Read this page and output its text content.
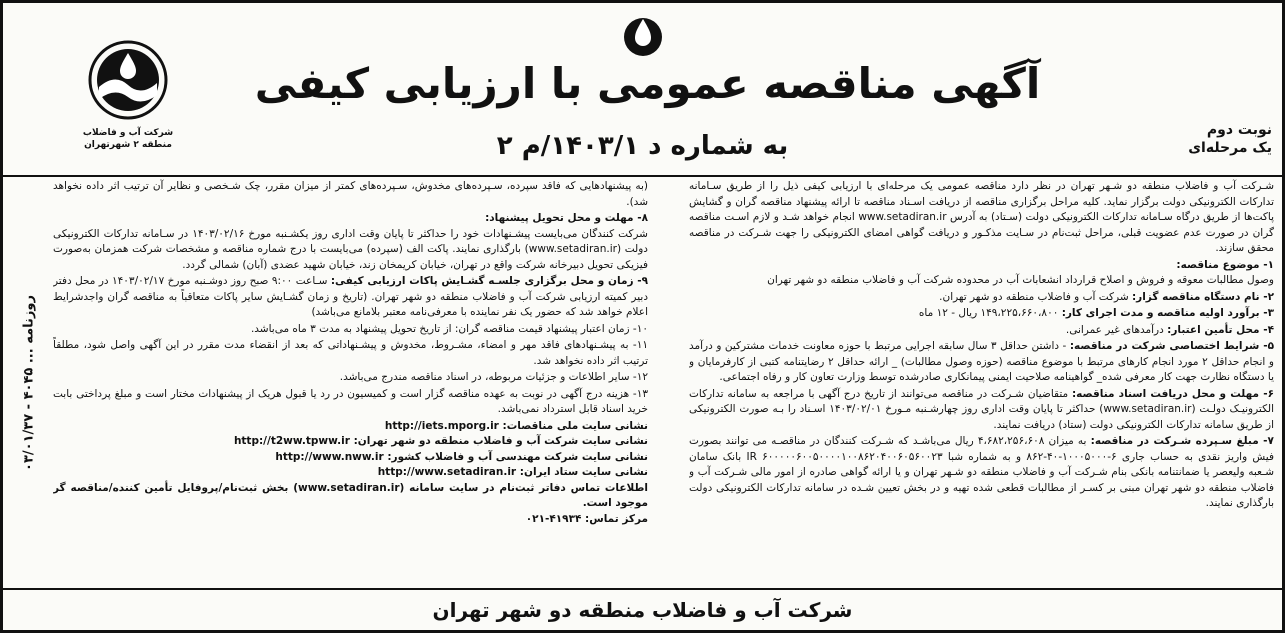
آگهی مناقصه عمومی با ارزیابی کیفی
به شماره د ۱۴۰۳/۱/م ۲
شرکت آب و فاضلاب
منطقه ۲ شهرتهران
نوبت دوم
یک مرحله‌ای
روزنامه ... ۴۰۴۵ - ۰۳/۰۱/۳۷

شـرکت آب و فاضلاب منطقه دو شـهر تهران در نظر دارد مناقصه عمومی یک مرحله‌ای با ارزیابی کیفی ذیل را از طریق سـامانه تدارکات الکترونیکی دولت برگزار نماید. کلیه مراحل برگزاری مناقصه از دریافت اسـناد مناقصه تا ارائه پیشنهاد مناقصه گران و گشایش پاکت‌ها از طریق درگاه سـامانه تدارکات الکترونیکی دولت (سـتاد) به آدرس www.setadiran.ir انجام خواهد شـد و لازم اسـت مناقصه گران در صورت عدم عضویت قبلی، مراحل ثبت‌نام در سـایت مذکـور و دریافت گواهی امضای الکترونیکی را جهت شـرکت در مناقصه محقق سازند.

۱- موضوع مناقصه:
وصول مطالبات معوقه و فروش و اصلاح قرارداد انشعابات آب در محدوده شرکت آب و فاضلاب منطقه دو شهر تهران

۲- نام دستگاه مناقصه گزار: شرکت آب و فاضلاب منطقه دو شهر تهران.

۳- برآورد اولیه مناقصه و مدت اجرای کار: ۱۴۹،۲۲۵،۶۶۰،۸۰۰ ریال - ۱۲ ماه

۴- محل تأمین اعتبار: درآمدهای غیر عمرانی.

۵- شرایط اختصاصی شرکت در مناقصه: - داشتن حداقل ۳ سال سابقه اجرایی مرتبط با حوزه معاونت خدمات مشترکین و درآمد و انجام حداقل ۲ مورد انجام کارهای مرتبط با موضوع مناقصه (حوزه وصول مطالبات) _ ارائه حداقل ۲ رضایتنامه کتبی از کارفرمایان و یا دستگاه نظارت جهت کار معرفی شده_ گواهینامه صلاحیت ایمنی پیمانکاری صادرشده توسط وزارت تعاون کار و رفاه اجتماعی.

۶- مهلت و محل دریافت اسناد مناقصه: متقاضیان شـرکت در مناقصه می‌توانند از تاریخ درج آگهی با مراجعه به سامانه تدارکات الکترونیـک دولـت (www.setadiran.ir) حداکثر تا پایان وقت اداری روز چهارشـنبه مـورخ ۱۴۰۳/۰۲/۰۱ اسـناد را بـه صورت الکترونیکی از طریق سامانه تدارکات الکترونیکی دولت (ستاد) دریافت نمایند.

۷- مبلغ سـپرده شـرکت در مناقصه: به میزان ۴،۶۸۲،۲۵۶،۶۰۸ ریال می‌باشـد که شـرکت کنندگان در مناقصـه می توانند بصورت فیش واریز نقدی به حساب جاری ۶-۱۰۰۰۵۰۰۰-۴۰-۸۶۲ و به شماره شبا IR ۶۰۰۰۰۰۶۰۰۵۰۰۰۰۱۰۰۸۶۲۰۴۰۰۶۰۵۶۰۰۲۳ بانک سامان شـعبه ولیعصر یا ضمانتنامه بانکی بنام شـرکت آب و فاضلاب منطقه دو شـهر تهران و یا ارائه گواهی صادره از امور مالی شـرکت آب و فاضلاب منطقه دو شهر تهران مبنی بر کسـر از مطالبات قطعی شده تهیه و در بخش تعیین شـده در سامانه تدارکات الکترونیکی دولت بارگذاری نمایند.

(به پیشنهادهایی که فاقد سپرده، سـپرده‌های مخدوش، سـپرده‌های کمتر از میزان مقرر، چک شـخصی و نظایر آن ترتیب اثر داده نخواهد شد).

۸- مهلت و محل تحویل پیشنهاد:
شرکت کنندگان می‌بایست پیشـنهادات خود را حداکثر تا پایان وقت اداری روز یکشـنبه مورخ ۱۴۰۳/۰۲/۱۶ در سـامانه تدارکات الکترونیکی دولت (www.setadiran.ir) بارگذاری نمایند. پاکت الف (سپرده) می‌بایست با درج شماره مناقصه و مشخصات شرکت همزمان به‌صورت فیزیکی تحویل دبیرخانه شرکت واقع در تهران، خیابان کریمخان زند، خیابان شهید عضدی (آبان) شمالی گردد.

۹- زمان و محل برگزاری جلسـه گشـایش پاکات ارزیابی کیفی: سـاعت ۹:۰۰ صبح روز دوشـنبه مورخ ۱۴۰۳/۰۲/۱۷ در محل دفتر دبیر کمیته ارزیابی شرکت آب و فاضلاب منطقه دو شهر تهران. (تاریخ و زمان گشـایش سایر پاکات متعاقباً به مناقصه گران واجدشرایط اعلام خواهد شد که حضور یک نفر نماینده با معرفی‌نامه معتبر بلامانع می‌باشد)

۱۰- زمان اعتبار پیشنهاد قیمت مناقصه گران: از تاریخ تحویل پیشنهاد به مدت ۳ ماه می‌باشد.

۱۱- به پیشـنهادهای فاقد مهر و امضاء، مشـروط، مخدوش و پیشـنهاداتی که بعد از انقضاء مدت مقرر در این آگهی واصل شود، مطلقاً ترتیب اثر داده نخواهد شد.

۱۲- سایر اطلاعات و جزئیات مربوطه، در اسناد مناقصه مندرج می‌باشد.

۱۳- هزینه درج آگهی در نوبت به عهده مناقصه گزار است و کمیسیون در رد یا قبول هریک از پیشنهادات مختار است و مبلغ پرداختی بابت خرید اسناد قابل استرداد نمی‌باشد.

نشانی سایت ملی مناقصات: http://iets.mporg.ir

نشانی سایت شرکت آب و فاضلاب منطقه دو شهر تهران: http://t2ww.tpww.ir

نشانی سایت شرکت مهندسی آب و فاضلاب کشور: http://www.nww.ir

نشانی سایت ستاد ایران: http://www.setadiran.ir

اطلاعات تماس دفاتر ثبت‌نام در سایت سامانه (www.setadiran.ir) بخش ثبت‌نام/پروفایل تأمین کننده/مناقصه گر موجود است.

مرکز تماس: ۴۱۹۳۴-۰۲۱

شرکت آب و فاضلاب منطقه دو شهر تهران
